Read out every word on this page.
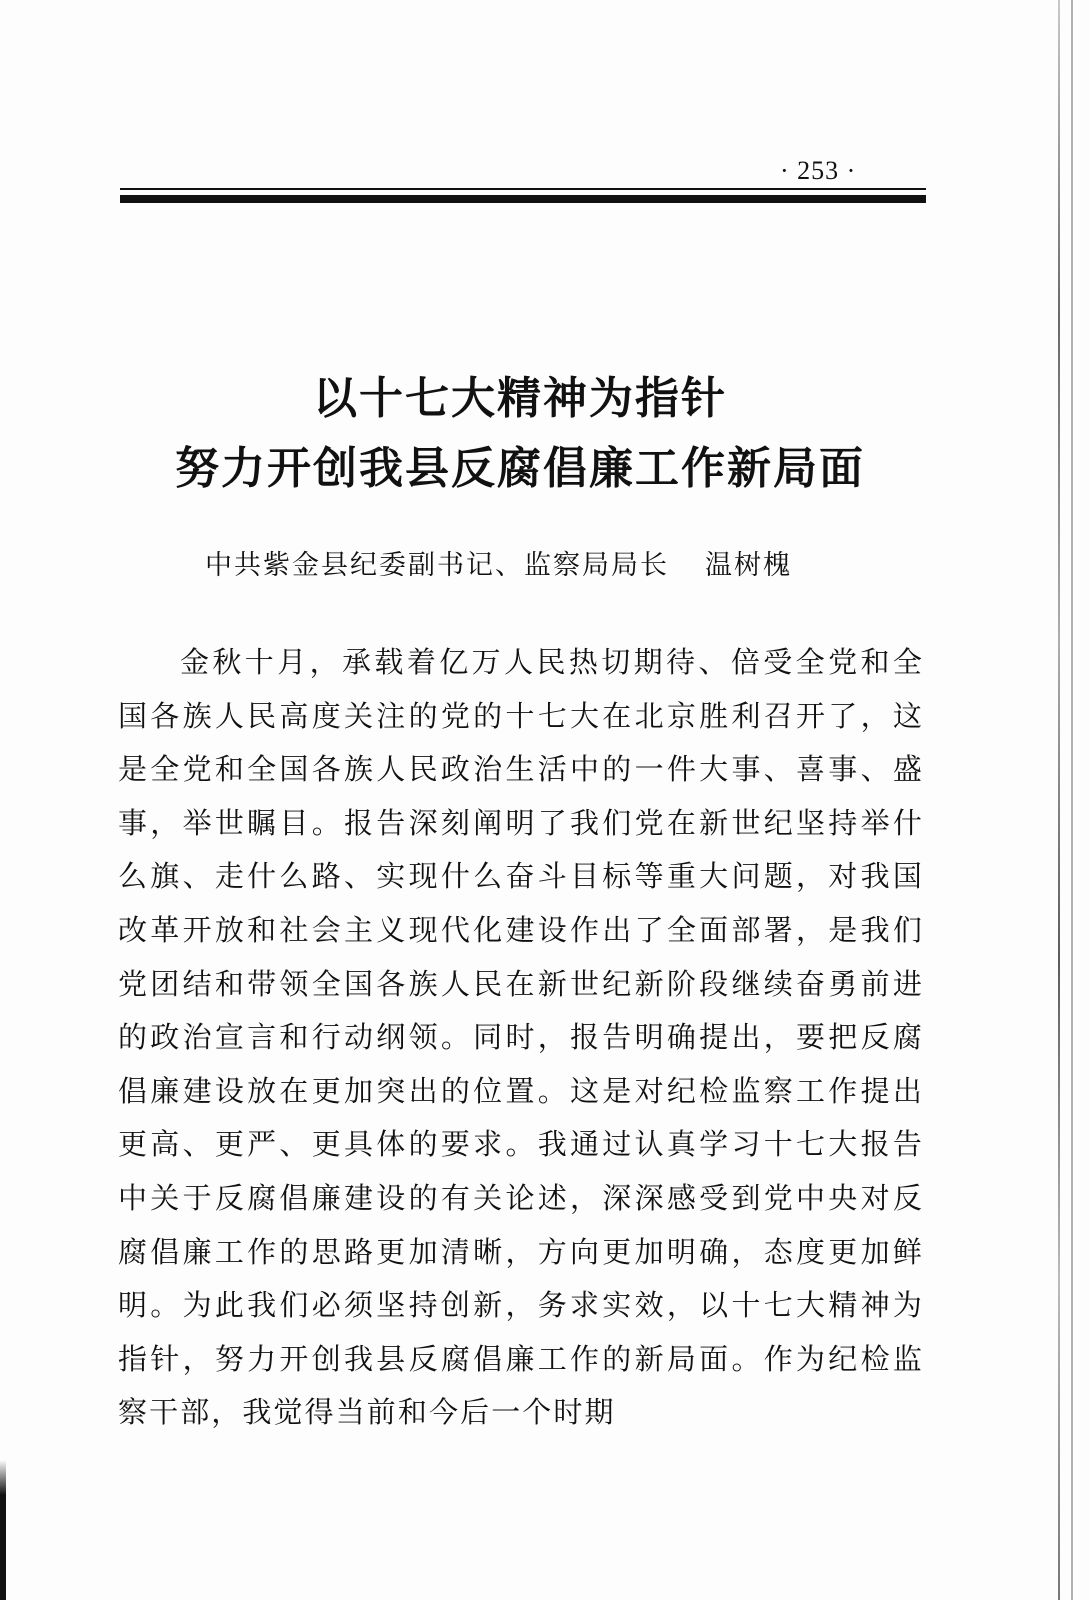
· 253 ·
以十七大精神为指针
努力开创我县反腐倡廉工作新局面
中共紫金县纪委副书记、监察局局长 温树槐

金秋十月，承载着亿万人民热切期待、倍受全党和全国各族人民高度关注的党的十七大在北京胜利召开了，这是全党和全国各族人民政治生活中的一件大事、喜事、盛事，举世瞩目。报告深刻阐明了我们党在新世纪坚持举什么旗、走什么路、实现什么奋斗目标等重大问题，对我国改革开放和社会主义现代化建设作出了全面部署，是我们党团结和带领全国各族人民在新世纪新阶段继续奋勇前进的政治宣言和行动纲领。同时，报告明确提出，要把反腐倡廉建设放在更加突出的位置。这是对纪检监察工作提出更高、更严、更具体的要求。我通过认真学习十七大报告中关于反腐倡廉建设的有关论述，深深感受到党中央对反腐倡廉工作的思路更加清晰，方向更加明确，态度更加鲜明。为此我们必须坚持创新，务求实效，以十七大精神为指针，努力开创我县反腐倡廉工作的新局面。作为纪检监察干部，我觉得当前和今后一个时期
